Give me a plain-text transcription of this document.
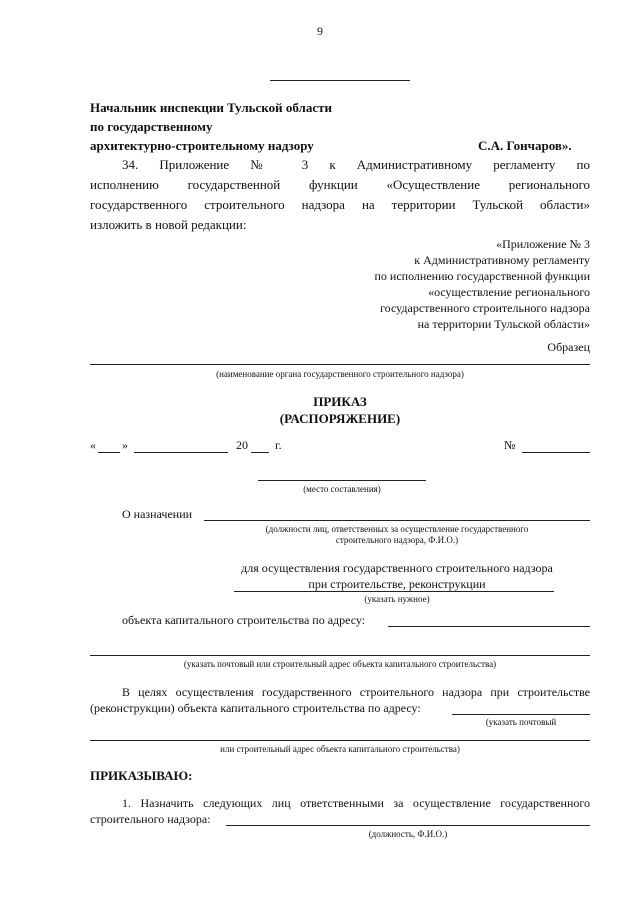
9
Начальник инспекции Тульской области
по государственному
архитектурно-строительному надзору	С.А. Гончаров».
34. Приложение № 3 к Административному регламенту по
исполнению государственной функции «Осуществление регионального
государственного строительного надзора на территории Тульской области»
изложить в новой редакции:
«Приложение № 3
к Административному регламенту
по исполнению государственной функции
«осуществление регионального
государственного строительного надзора
на территории Тульской области»
Образец
(наименование органа государственного строительного надзора)
ПРИКАЗ
(РАСПОРЯЖЕНИЕ)
« »	20 г.	№
(место составления)
О назначении
(должности лиц, ответственных за осуществление государственного
строительного надзора, Ф.И.О.)
для осуществления государственного строительного надзора
при строительстве, реконструкции
(указать нужное)
объекта капитального строительства по адресу:
(указать почтовый или строительный адрес объекта капитального строительства)
В целях осуществления государственного строительного надзора при строительстве
(реконструкции) объекта капитального строительства по адресу:
(указать почтовый
или строительный адрес объекта капитального строительства)
ПРИКАЗЫВАЮ:
1. Назначить следующих лиц ответственными за осуществление государственного
строительного надзора:
(должность, Ф.И.О.)
